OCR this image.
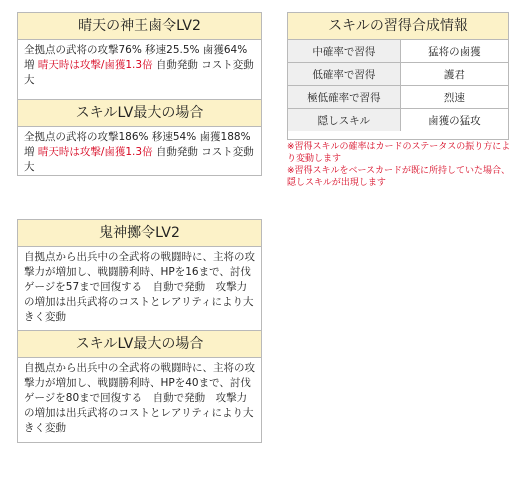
晴天の神王鹵令LV2
全拠点の武将の攻撃76% 移速25.5% 鹵獲64%増 晴天時は攻撃/鹵獲1.3倍 自動発動 コスト変動大
スキルLV最大の場合
全拠点の武将の攻撃186% 移速54% 鹵獲188%増 晴天時は攻撃/鹵獲1.3倍 自動発動 コスト変動大
スキルの習得合成情報
中確率で習得	猛将の鹵獲
低確率で習得	護君
極低確率で習得	烈速
隠しスキル	鹵獲の猛攻
※習得スキルの確率はカードのステータスの振り方により変動します
※習得スキルをベースカードが既に所持していた場合、隠しスキルが出現します
鬼神擲令LV2
自拠点から出兵中の全武将の戦闘時に、主将の攻撃力が増加し、戦闘勝利時、HPを16まで、討伐ゲージを57まで回復する　自動で発動　攻撃力の増加は出兵武将のコストとレアリティにより大きく変動
スキルLV最大の場合
自拠点から出兵中の全武将の戦闘時に、主将の攻撃力が増加し、戦闘勝利時、HPを40まで、討伐ゲージを80まで回復する　自動で発動　攻撃力の増加は出兵武将のコストとレアリティにより大きく変動
